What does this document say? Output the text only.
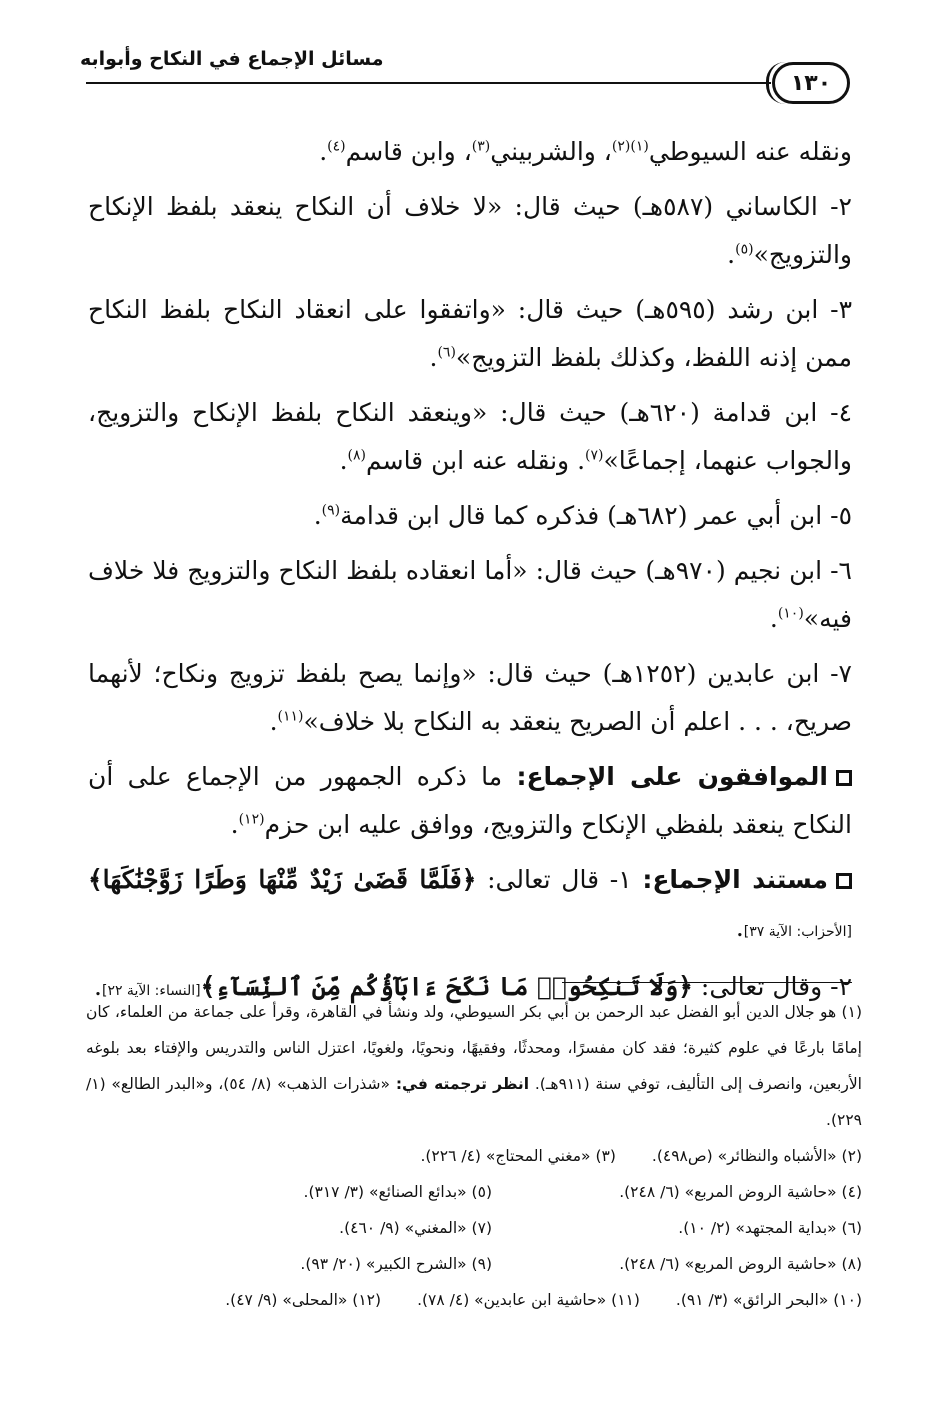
١٣٠
مسائل الإجماع في النكاح وأبوابه

ونقله عنه السيوطي$^{(١)(٢)}$، والشربيني$^{(٣)}$، وابن قاسم$^{(٤)}$.

٢- الكاساني (٥٨٧هـ) حيث قال: «لا خلاف أن النكاح ينعقد بلفظ الإنكاح والتزويج»$^{(٥)}$.

٣- ابن رشد (٥٩٥هـ) حيث قال: «واتفقوا على انعقاد النكاح بلفظ النكاح ممن إذنه اللفظ، وكذلك بلفظ التزويج»$^{(٦)}$.

٤- ابن قدامة (٦٢٠هـ) حيث قال: «وينعقد النكاح بلفظ الإنكاح والتزويج، والجواب عنهما، إجماعًا»$^{(٧)}$. ونقله عنه ابن قاسم$^{(٨)}$.

٥- ابن أبي عمر (٦٨٢هـ) فذكره كما قال ابن قدامة$^{(٩)}$.

٦- ابن نجيم (٩٧٠هـ) حيث قال: «أما انعقاده بلفظ النكاح والتزويج فلا خلاف فيه»$^{(١٠)}$.

٧- ابن عابدين (١٢٥٢هـ) حيث قال: «وإنما يصح بلفظ تزويج ونكاح؛ لأنهما صريح، . . . اعلم أن الصريح ينعقد به النكاح بلا خلاف»$^{(١١)}$.

الموافقون على الإجماع: ما ذكره الجمهور من الإجماع على أن النكاح ينعقد بلفظي الإنكاح والتزويج، ووافق عليه ابن حزم$^{(١٢)}$.

مستند الإجماع: ١- قال تعالى: ﴿فَلَمَّا قَضَىٰ زَيْدٌ مِّنْهَا وَطَرًا زَوَّجْنَٰكَهَا﴾[الأحزاب: الآية ٣٧].

٢- وقال تعالى: ﴿وَلَا تَنكِحُوا۟ مَا نَكَحَ ءَابَآؤُكُم مِّنَ ٱلنِّسَآءِ﴾[النساء: الآية ٢٢].

(١) هو جلال الدين أبو الفضل عبد الرحمن بن أبي بكر السيوطي، ولد ونشأ في القاهرة، وقرأ على جماعة من العلماء، كان إمامًا بارعًا في علوم كثيرة؛ فقد كان مفسرًا، ومحدثًا، وفقيهًا، ونحويًا، ولغويًا، اعتزل الناس والتدريس والإفتاء بعد بلوغه الأربعين، وانصرف إلى التأليف، توفي سنة (٩١١هـ). انظر ترجمته في: «شذرات الذهب» (٨/ ٥٤)، و«البدر الطالع» (١/ ٢٢٩).
(٢) «الأشباه والنظائر» (ص٤٩٨).
(٣) «مغني المحتاج» (٤/ ٢٢٦).
(٤) «حاشية الروض المربع» (٦/ ٢٤٨).
(٥) «بدائع الصنائع» (٣/ ٣١٧).
(٦) «بداية المجتهد» (٢/ ١٠).
(٧) «المغني» (٩/ ٤٦٠).
(٨) «حاشية الروض المربع» (٦/ ٢٤٨).
(٩) «الشرح الكبير» (٢٠/ ٩٣).
(١٠) «البحر الرائق» (٣/ ٩١).
(١١) «حاشية ابن عابدين» (٤/ ٧٨).
(١٢) «المحلى» (٩/ ٤٧).
